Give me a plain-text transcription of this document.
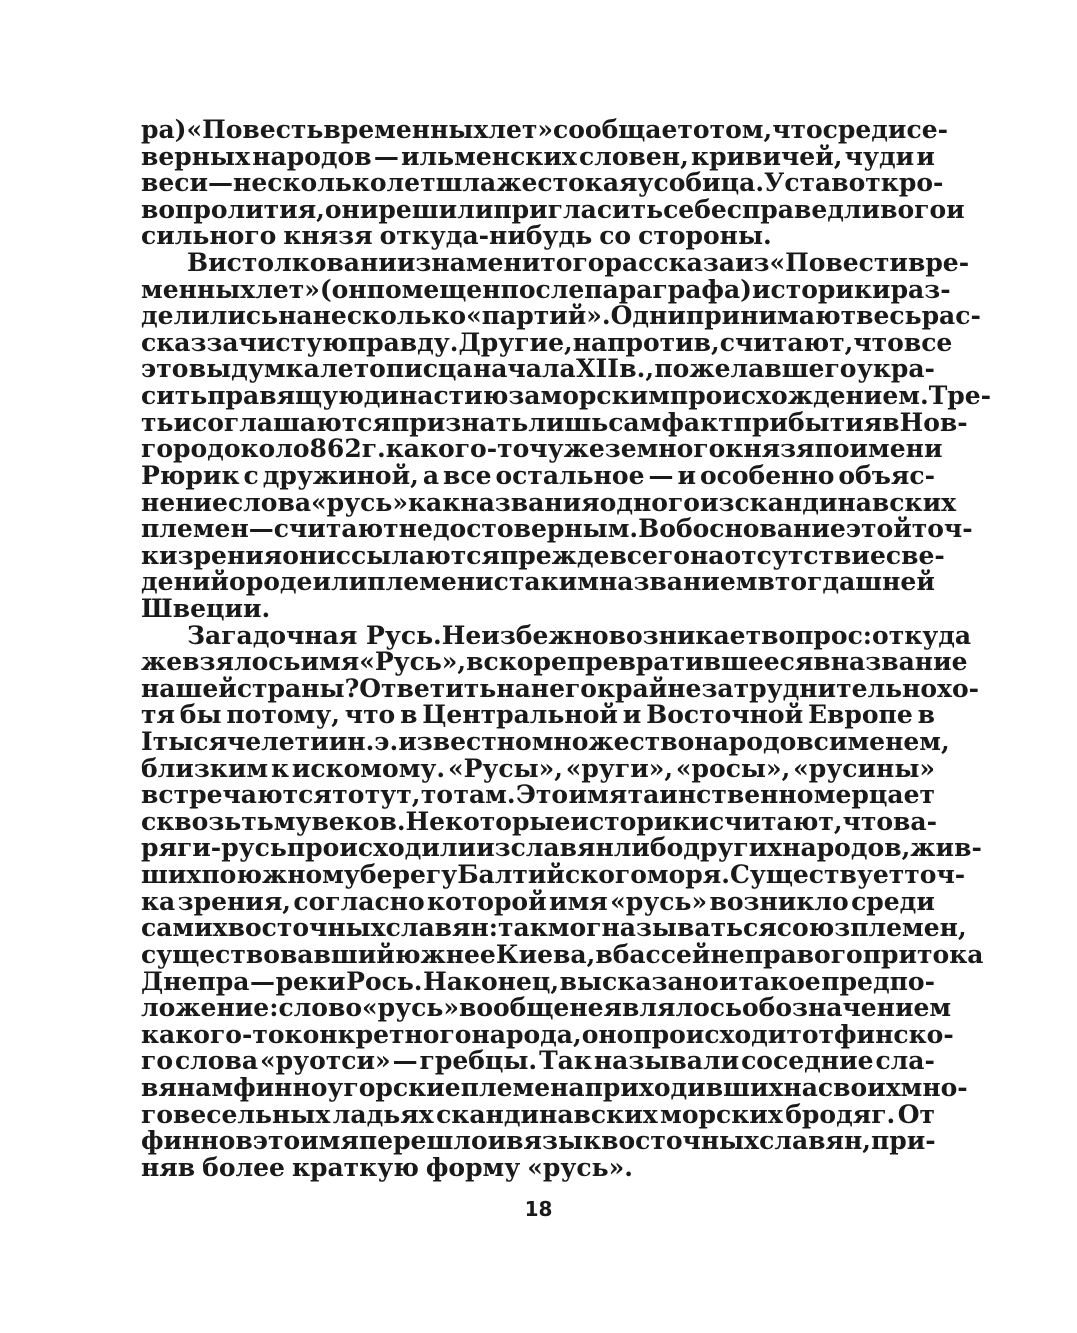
ра) «Повесть временных лет» сообщает о том, что среди се-
верных народов — ильменских словен, кривичей, чуди и
веси — несколько лет шла жестокая усобица. Устав от кро-
вопролития, они решили пригласить себе справедливого и
сильного князя откуда-нибудь со стороны.
В истолковании знаменитого рассказа из «Повести вре-
менных лет» (он помещен после параграфа) историки раз-
делились на несколько «партий». Одни принимают весь рас-
сказ за чистую правду. Другие, напротив, считают, что все
это выдумка летописца начала XII в., пожелавшего укра-
сить правящую династию заморским происхождением. Тре-
тьи соглашаются признать лишь сам факт прибытия в Нов-
город около 862 г. какого-то чужеземного князя по имени
Рюрик с дружиной, а все остальное — и особенно объяс-
нение слова «русь» как названия одного из скандинавских
племен — считают недостоверным. В обоснование этой точ-
ки зрения они ссылаются прежде всего на отсутствие све-
дений о роде или племени с таким названием в тогдашней
Швеции.
Загадочная Русь. Неизбежно возникает вопрос: откуда
же взялось имя «Русь», вскоре превратившееся в название
нашей страны? Ответить на него крайне затруднительно хо-
тя бы потому, что в Центральной и Восточной Европе в
I тысячелетии н. э. известно множество народов с именем,
близким к искомому. «Русы», «руги», «росы», «русины»
встречаются то тут, то там. Это имя таинственно мерцает
сквозь тьму веков. Некоторые историки считают, что ва-
ряги-русь происходили из славян либо других народов, жив-
ших по южному берегу Балтийского моря. Существует точ-
ка зрения, согласно которой имя «русь» возникло среди
самих восточных славян: так мог называться союз племен,
существовавший южнее Киева, в бассейне правого притока
Днепра — реки Рось. Наконец, высказано и такое предпо-
ложение: слово «русь» вообще не являлось обозначением
какого-то конкретного народа, оно происходит от финско-
го слова «руотси» — гребцы. Так называли соседние сла-
вянам финноугорские племена приходивших на своих мно-
говесельных ладьях скандинавских морских бродяг. От
финнов это имя перешло и в язык восточных славян, при-
няв более краткую форму «русь».
18
